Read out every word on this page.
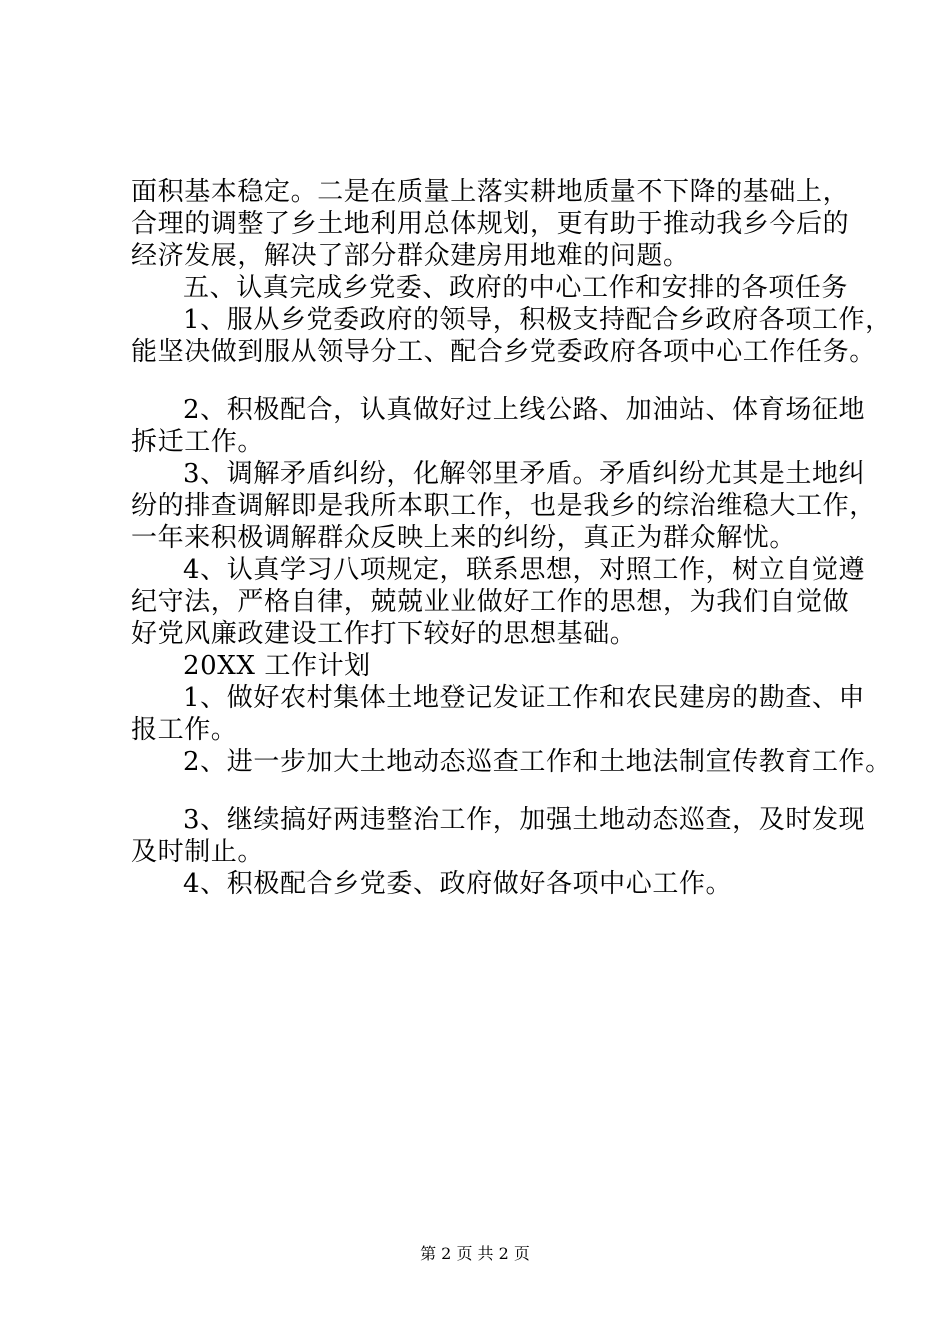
面积基本稳定。二是在质量上落实耕地质量不下降的基础上，
合理的调整了乡土地利用总体规划，更有助于推动我乡今后的
经济发展，解决了部分群众建房用地难的问题。
五、认真完成乡党委、政府的中心工作和安排的各项任务
1、服从乡党委政府的领导，积极支持配合乡政府各项工作，
能坚决做到服从领导分工、配合乡党委政府各项中心工作任务。
2、积极配合，认真做好过上线公路、加油站、体育场征地
拆迁工作。
3、调解矛盾纠纷，化解邻里矛盾。矛盾纠纷尤其是土地纠
纷的排查调解即是我所本职工作，也是我乡的综治维稳大工作，
一年来积极调解群众反映上来的纠纷，真正为群众解忧。
4、认真学习八项规定，联系思想，对照工作，树立自觉遵
纪守法，严格自律，兢兢业业做好工作的思想，为我们自觉做
好党风廉政建设工作打下较好的思想基础。
20XX 工作计划
1、做好农村集体土地登记发证工作和农民建房的勘查、申
报工作。
2、进一步加大土地动态巡查工作和土地法制宣传教育工作。
3、继续搞好两违整治工作，加强土地动态巡查，及时发现
及时制止。
4、积极配合乡党委、政府做好各项中心工作。
第 2 页 共 2 页
